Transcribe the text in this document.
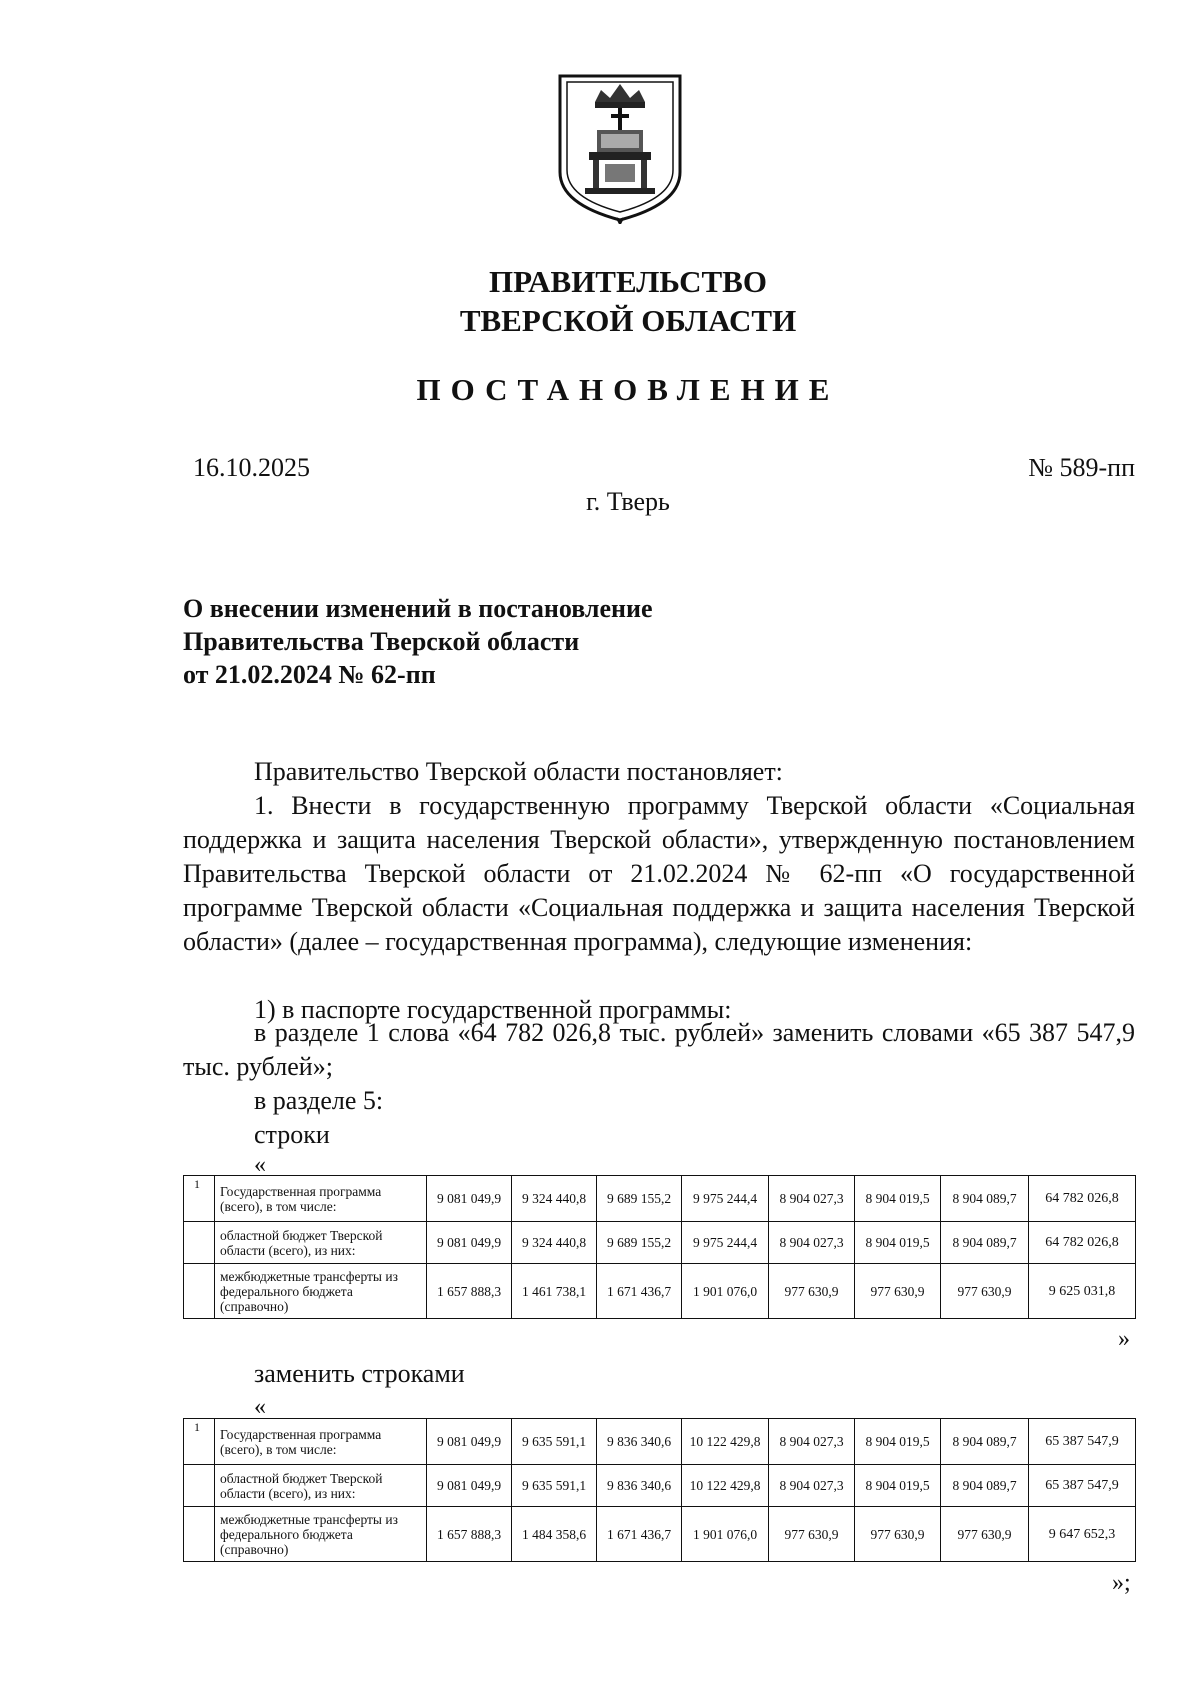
ПРАВИТЕЛЬСТВО
ТВЕРСКОЙ ОБЛАСТИ
ПОСТАНОВЛЕНИЕ
16.10.2025	№ 589-пп
г. Тверь
О внесении изменений в постановление
Правительства Тверской области
от 21.02.2024 № 62-пп
Правительство Тверской области постановляет:
1. Внести в государственную программу Тверской области «Социальная поддержка и защита населения Тверской области», утвержденную постановлением Правительства Тверской области от 21.02.2024 № 62-пп «О государственной программе Тверской области «Социальная поддержка и защита населения Тверской области» (далее – государственная программа), следующие изменения:
1) в паспорте государственной программы:
в разделе 1 слова «64 782 026,8 тыс. рублей» заменить словами «65 387 547,9 тыс. рублей»;
в разделе 5:
строки
«
1	Государственная программа (всего), в том числе:	9 081 049,9	9 324 440,8	9 689 155,2	9 975 244,4	8 904 027,3	8 904 019,5	8 904 089,7	64 782 026,8
	областной бюджет Тверской области (всего), из них:	9 081 049,9	9 324 440,8	9 689 155,2	9 975 244,4	8 904 027,3	8 904 019,5	8 904 089,7	64 782 026,8
	межбюджетные трансферты из федерального бюджета (справочно)	1 657 888,3	1 461 738,1	1 671 436,7	1 901 076,0	977 630,9	977 630,9	977 630,9	9 625 031,8
»
заменить строками
«
1	Государственная программа (всего), в том числе:	9 081 049,9	9 635 591,1	9 836 340,6	10 122 429,8	8 904 027,3	8 904 019,5	8 904 089,7	65 387 547,9
	областной бюджет Тверской области (всего), из них:	9 081 049,9	9 635 591,1	9 836 340,6	10 122 429,8	8 904 027,3	8 904 019,5	8 904 089,7	65 387 547,9
	межбюджетные трансферты из федерального бюджета (справочно)	1 657 888,3	1 484 358,6	1 671 436,7	1 901 076,0	977 630,9	977 630,9	977 630,9	9 647 652,3
»;
